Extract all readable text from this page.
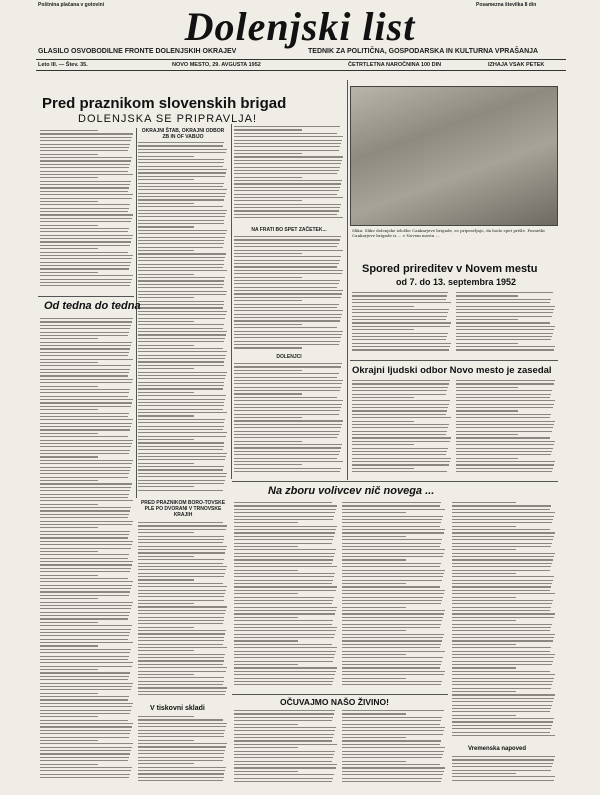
Poštnina plačana v gotovini	Posamezna številka 8 din
Dolenjski list
GLASILO OSVOBODILNE FRONTE DOLENJSKIH OKRAJEV	TEDNIK ZA POLITIČNA, GOSPODARSKA IN KULTURNA VPRAŠANJA
Leto III. — Štev. 35.	NOVO MESTO, 29. AVGUSTA 1952	ČETRTLETNA NAROČNINA 100 DIN	IZHAJA VSAK PETEK
Pred praznikom slovenskih brigad
DOLENJSKA SE PRIPRAVLJA!
Slika: Slike dolenjske izložbe Cankarjeve brigade, se pripravljajo, da bodo spet prišle. Posnetki Cankarjeve brigade iz ... v Novem mestu ...
OKRAJNI ŠTAB, OKRAJNI ODBOR ZB IN OF VABIJO
NA FRATI BO SPET ZAČETEK...
DOLENJCI
Od tedna do tedna
PRED PRAZNIKOM BORO-TOVSKE PLE PO DVORANI V TRNOVSKE KRAJIH
V tiskovni skladi
Spored prireditev v Novem mestu
od 7. do 13. septembra 1952
Okrajni ljudski odbor Novo mesto je zasedal
Na zboru volivcev nič novega ...
OČUVAJMO NAŠO ŽIVINO!
Vremenska napoved
